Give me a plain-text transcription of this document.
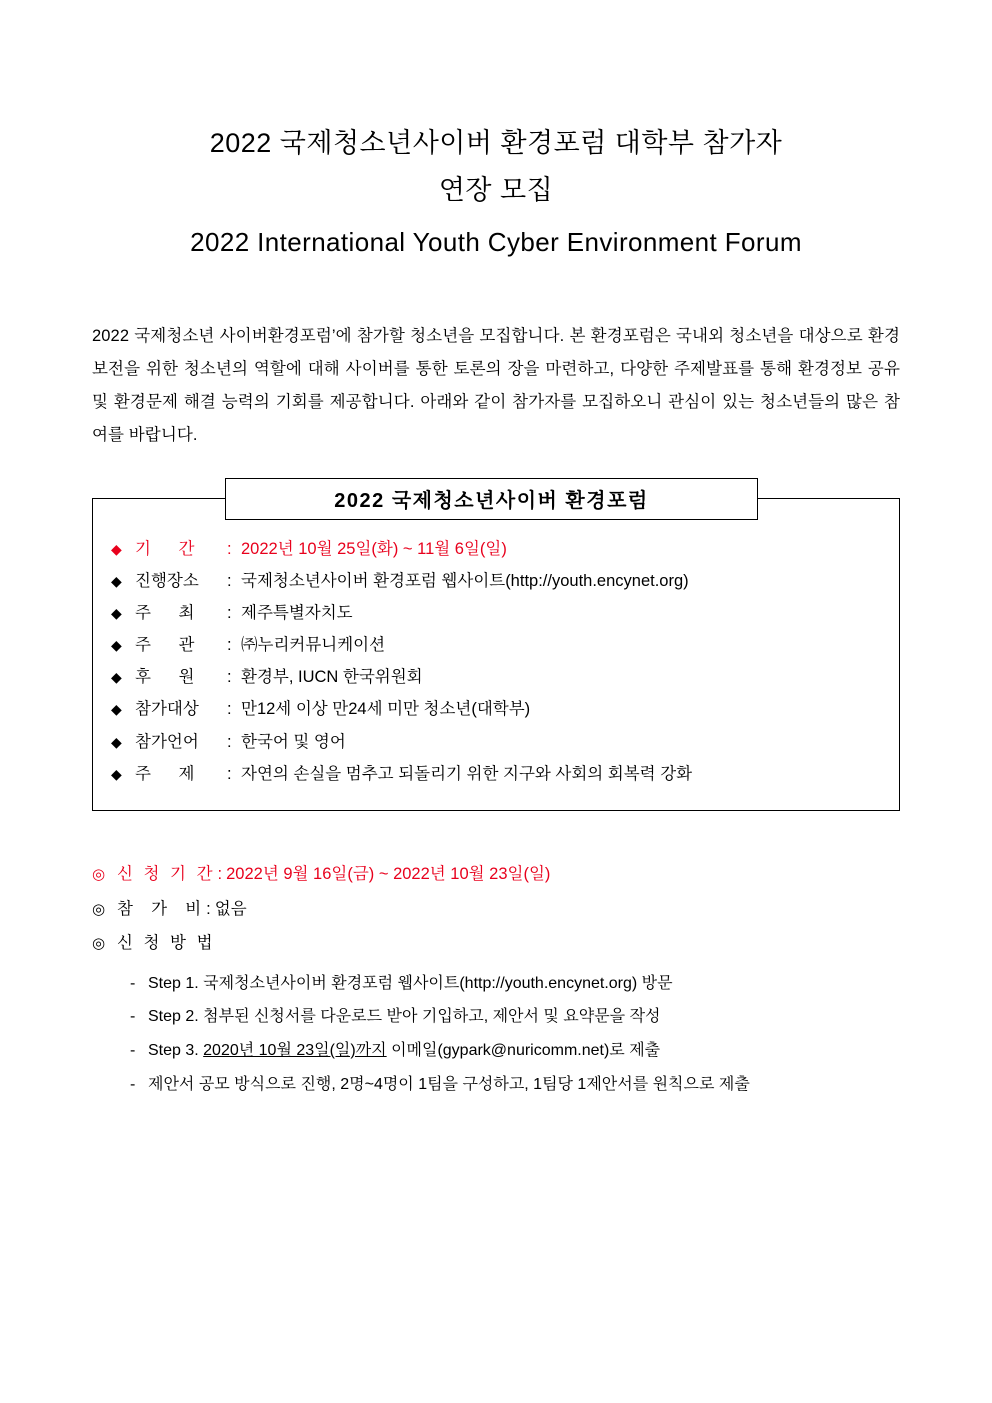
2022 국제청소년사이버 환경포럼 대학부 참가자
연장 모집
2022 International Youth Cyber Environment Forum

2022 국제청소년 사이버환경포럼’에 참가할 청소년을 모집합니다. 본 환경포럼은 국내외 청소년을 대상으로 환경보전을 위한 청소년의 역할에 대해 사이버를 통한 토론의 장을 마련하고, 다양한 주제발표를 통해 환경정보 공유 및 환경문제 해결 능력의 기회를 제공합니다. 아래와 같이 참가자를 모집하오니 관심이 있는 청소년들의 많은 참여를 바랍니다.

2022 국제청소년사이버 환경포럼
◆ 기      간	: 2022년 10월 25일(화) ~ 11월 6일(일)
◆ 진행장소	: 국제청소년사이버 환경포럼 웹사이트(http://youth.encynet.org)
◆ 주      최	: 제주특별자치도
◆ 주      관	: ㈜누리커뮤니케이션
◆ 후      원	: 환경부, IUCN 한국위원회
◆ 참가대상	: 만12세 이상 만24세 미만 청소년(대학부)
◆ 참가언어	: 한국어 및 영어
◆ 주      제	: 자연의 손실을 멈추고 되돌리기 위한 지구와 사회의 회복력 강화
◎ 신 청 기 간 : 2022년 9월 16일(금) ~ 2022년 10월 23일(일)
◎ 참  가  비 : 없음
◎ 신 청 방 법
- Step 1. 국제청소년사이버 환경포럼 웹사이트(http://youth.encynet.org) 방문
- Step 2. 첨부된 신청서를 다운로드 받아 기입하고, 제안서 및 요약문을 작성
- Step 3. 2020년 10월 23일(일)까지 이메일(gypark@nuricomm.net)로 제출
- 제안서 공모 방식으로 진행, 2명~4명이 1팀을 구성하고, 1팀당 1제안서를 원칙으로 제출
